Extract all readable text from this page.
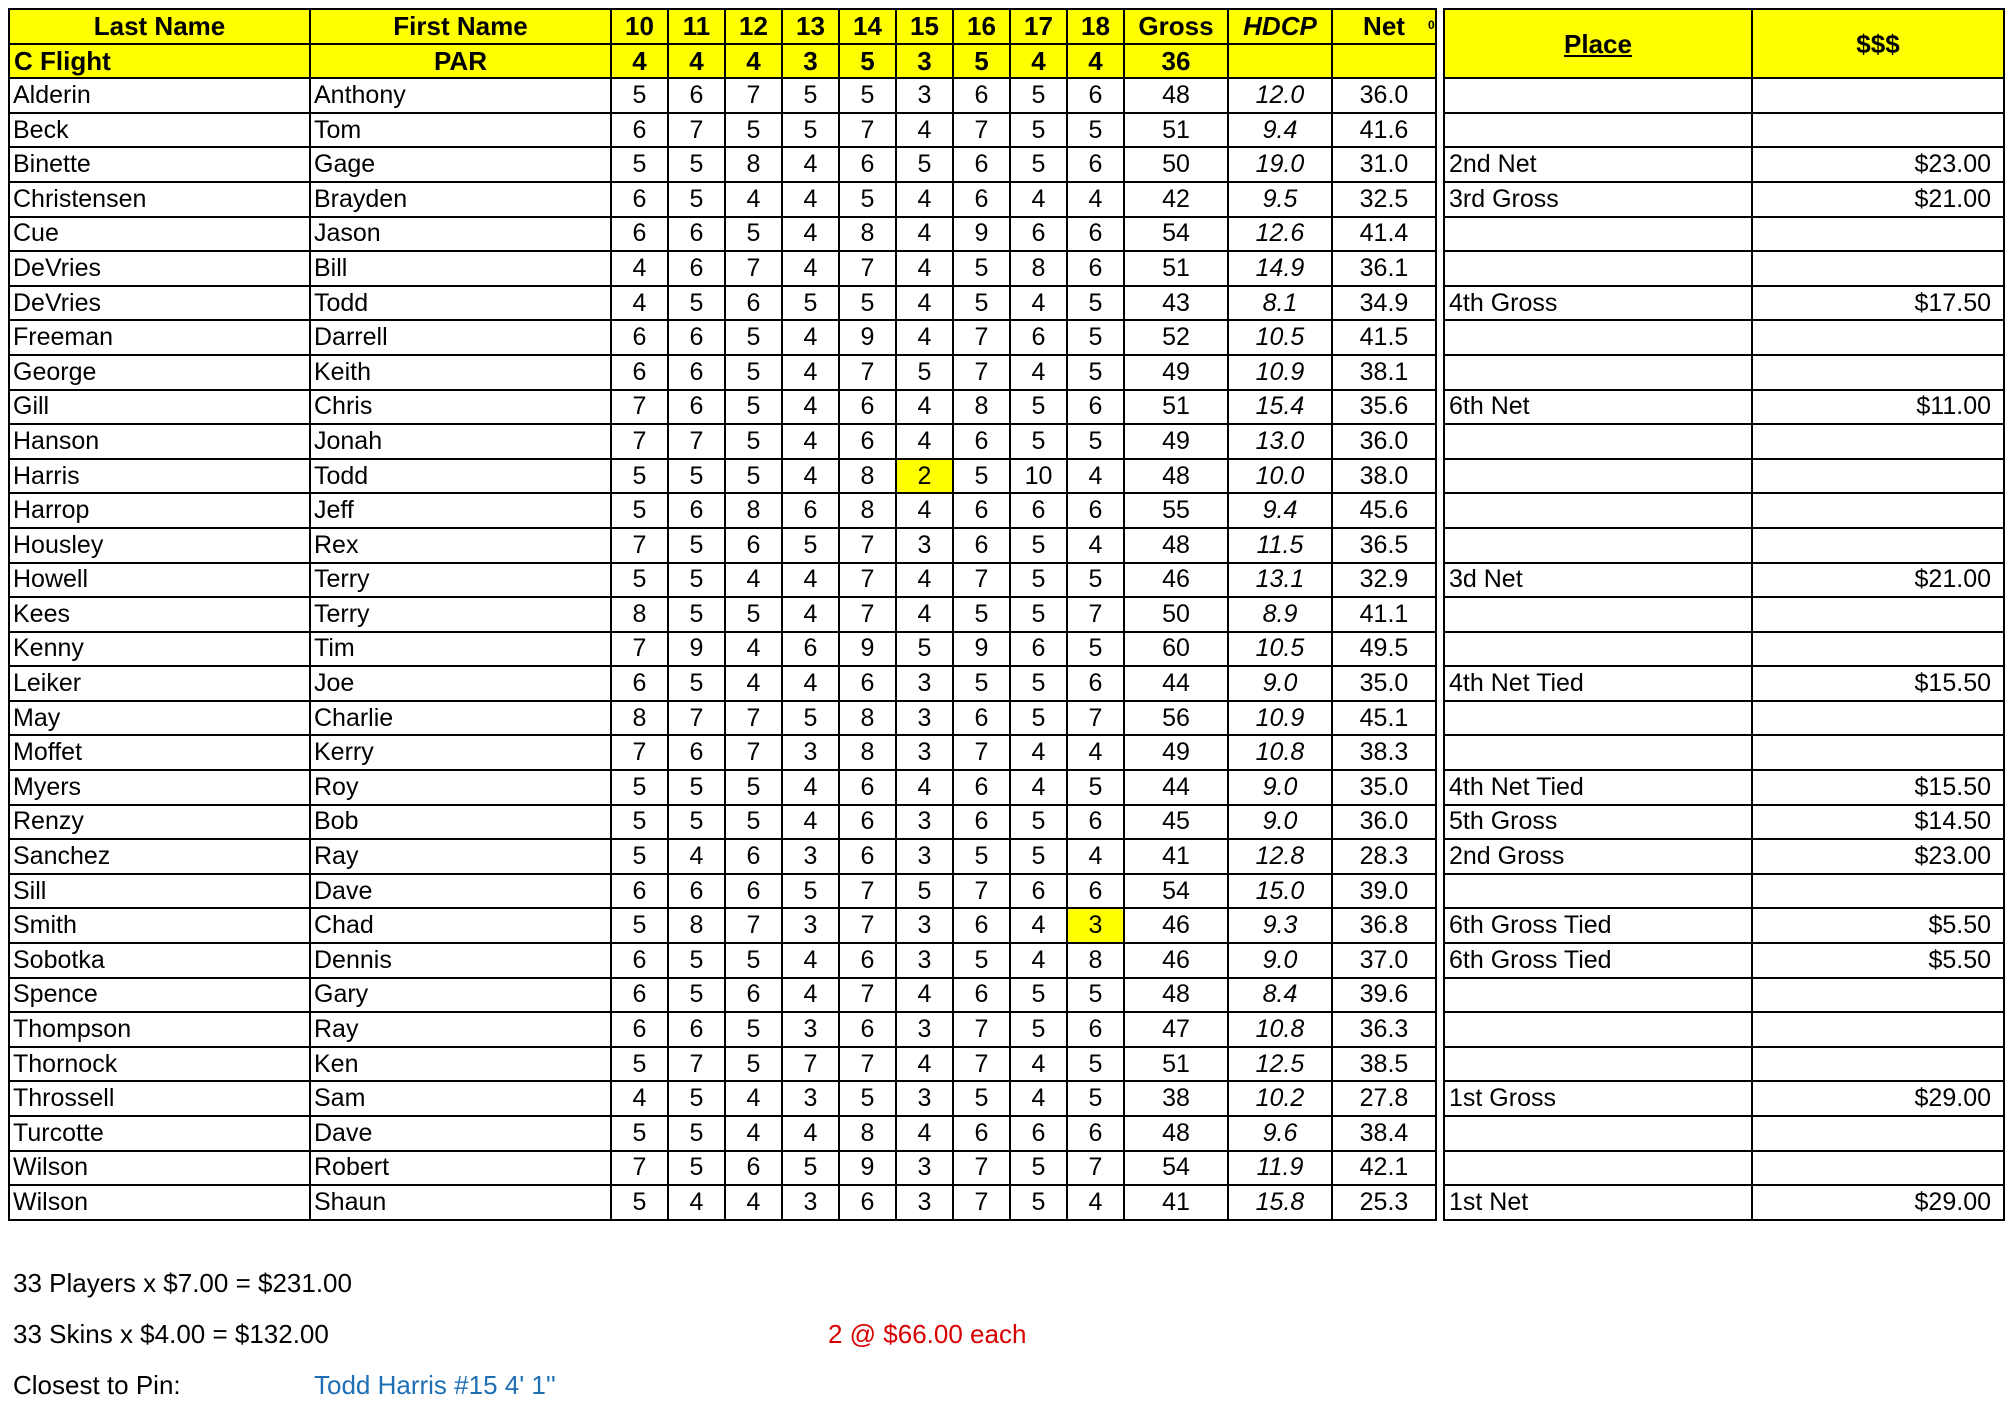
Last Name	First Name	10	11	12	13	14	15	16	17	18	Gross	HDCP	Net
C Flight	PAR	4	4	4	3	5	3	5	4	4	36		
Alderin	Anthony	5	6	7	5	5	3	6	5	6	48	12.0	36.0
Beck	Tom	6	7	5	5	7	4	7	5	5	51	9.4	41.6
Binette	Gage	5	5	8	4	6	5	6	5	6	50	19.0	31.0
Christensen	Brayden	6	5	4	4	5	4	6	4	4	42	9.5	32.5
Cue	Jason	6	6	5	4	8	4	9	6	6	54	12.6	41.4
DeVries	Bill	4	6	7	4	7	4	5	8	6	51	14.9	36.1
DeVries	Todd	4	5	6	5	5	4	5	4	5	43	8.1	34.9
Freeman	Darrell	6	6	5	4	9	4	7	6	5	52	10.5	41.5
George	Keith	6	6	5	4	7	5	7	4	5	49	10.9	38.1
Gill	Chris	7	6	5	4	6	4	8	5	6	51	15.4	35.6
Hanson	Jonah	7	7	5	4	6	4	6	5	5	49	13.0	36.0
Harris	Todd	5	5	5	4	8	2	5	10	4	48	10.0	38.0
Harrop	Jeff	5	6	8	6	8	4	6	6	6	55	9.4	45.6
Housley	Rex	7	5	6	5	7	3	6	5	4	48	11.5	36.5
Howell	Terry	5	5	4	4	7	4	7	5	5	46	13.1	32.9
Kees	Terry	8	5	5	4	7	4	5	5	7	50	8.9	41.1
Kenny	Tim	7	9	4	6	9	5	9	6	5	60	10.5	49.5
Leiker	Joe	6	5	4	4	6	3	5	5	6	44	9.0	35.0
May	Charlie	8	7	7	5	8	3	6	5	7	56	10.9	45.1
Moffet	Kerry	7	6	7	3	8	3	7	4	4	49	10.8	38.3
Myers	Roy	5	5	5	4	6	4	6	4	5	44	9.0	35.0
Renzy	Bob	5	5	5	4	6	3	6	5	6	45	9.0	36.0
Sanchez	Ray	5	4	6	3	6	3	5	5	4	41	12.8	28.3
Sill	Dave	6	6	6	5	7	5	7	6	6	54	15.0	39.0
Smith	Chad	5	8	7	3	7	3	6	4	3	46	9.3	36.8
Sobotka	Dennis	6	5	5	4	6	3	5	4	8	46	9.0	37.0
Spence	Gary	6	5	6	4	7	4	6	5	5	48	8.4	39.6
Thompson	Ray	6	6	5	3	6	3	7	5	6	47	10.8	36.3
Thornock	Ken	5	7	5	7	7	4	7	4	5	51	12.5	38.5
Throssell	Sam	4	5	4	3	5	3	5	4	5	38	10.2	27.8
Turcotte	Dave	5	5	4	4	8	4	6	6	6	48	9.6	38.4
Wilson	Robert	7	5	6	5	9	3	7	5	7	54	11.9	42.1
Wilson	Shaun	5	4	4	3	6	3	7	5	4	41	15.8	25.3
0
Place	$$$

2nd Net	$23.00
3rd Gross	$21.00

4th Gross	$17.50

6th Net	$11.00

3d Net	$21.00

4th Net Tied	$15.50

4th Net Tied	$15.50
5th Gross	$14.50
2nd Gross	$23.00

6th Gross Tied	$5.50
6th Gross Tied	$5.50

1st Gross	$29.00

1st Net	$29.00
33 Players x $7.00 = $231.00
33 Skins x $4.00 = $132.00	2 @ $66.00 each
Closest to Pin:	Todd Harris #15 4' 1''
